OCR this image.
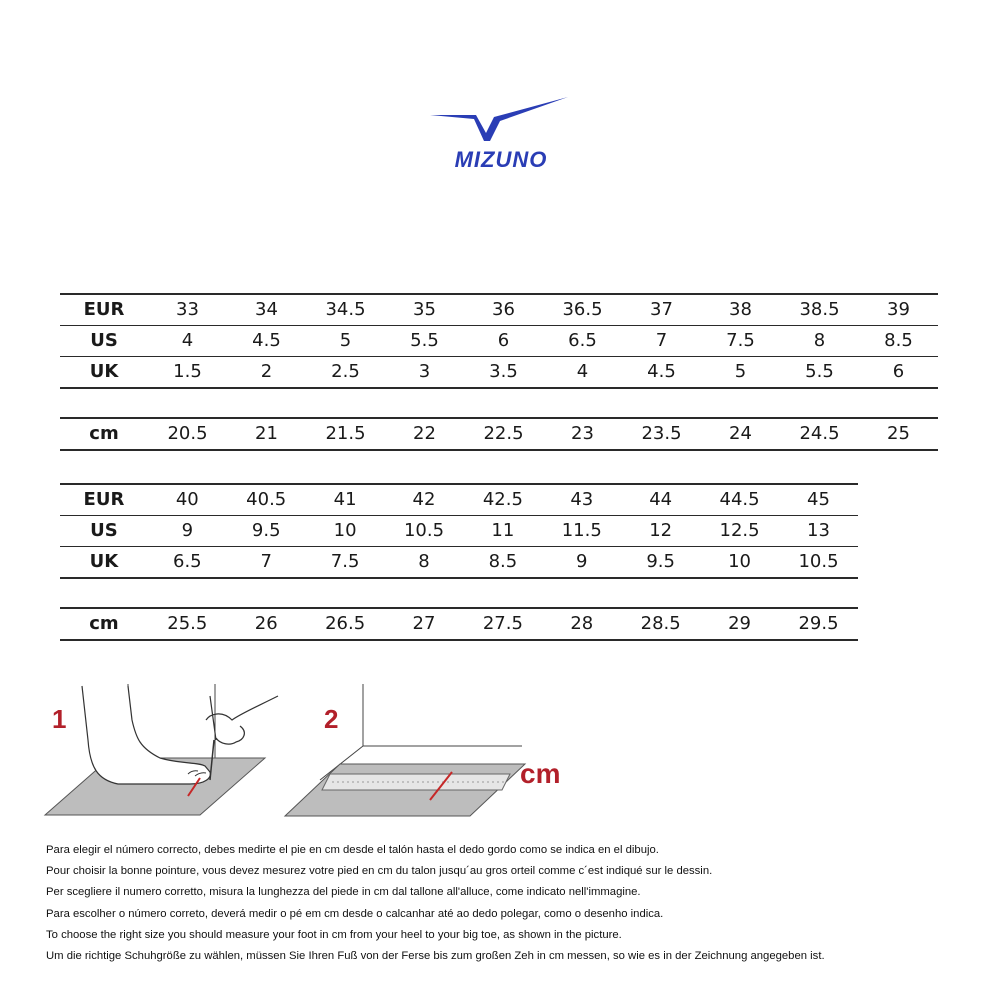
MIZUNO
EUR	33	34	34.5	35	36	36.5	37	38	38.5	39
US	4	4.5	5	5.5	6	6.5	7	7.5	8	8.5
UK	1.5	2	2.5	3	3.5	4	4.5	5	5.5	6

cm	20.5	21	21.5	22	22.5	23	23.5	24	24.5	25
EUR	40	40.5	41	42	42.5	43	44	44.5	45
US	9	9.5	10	10.5	11	11.5	12	12.5	13
UK	6.5	7	7.5	8	8.5	9	9.5	10	10.5

cm	25.5	26	26.5	27	27.5	28	28.5	29	29.5
1	2
cm

Para elegir el número correcto, debes medirte el pie en cm desde el talón hasta el dedo gordo como se indica en el dibujo.

Pour choisir la bonne pointure, vous devez mesurez votre pied en cm du talon jusqu´au gros orteil comme c´est indiqué sur le dessin.

Per scegliere il numero corretto, misura la lunghezza del piede in cm dal tallone all'alluce, come indicato nell'immagine.

Para escolher o número correto, deverá medir o pé em cm desde o calcanhar até ao dedo polegar, como o desenho indica.

To choose the right size you should measure your foot in cm from your heel to your big toe, as shown in the picture.

Um die richtige Schuhgröße zu wählen, müssen Sie Ihren Fuß von der Ferse bis zum großen Zeh in cm messen, so wie es in der Zeichnung angegeben ist.
